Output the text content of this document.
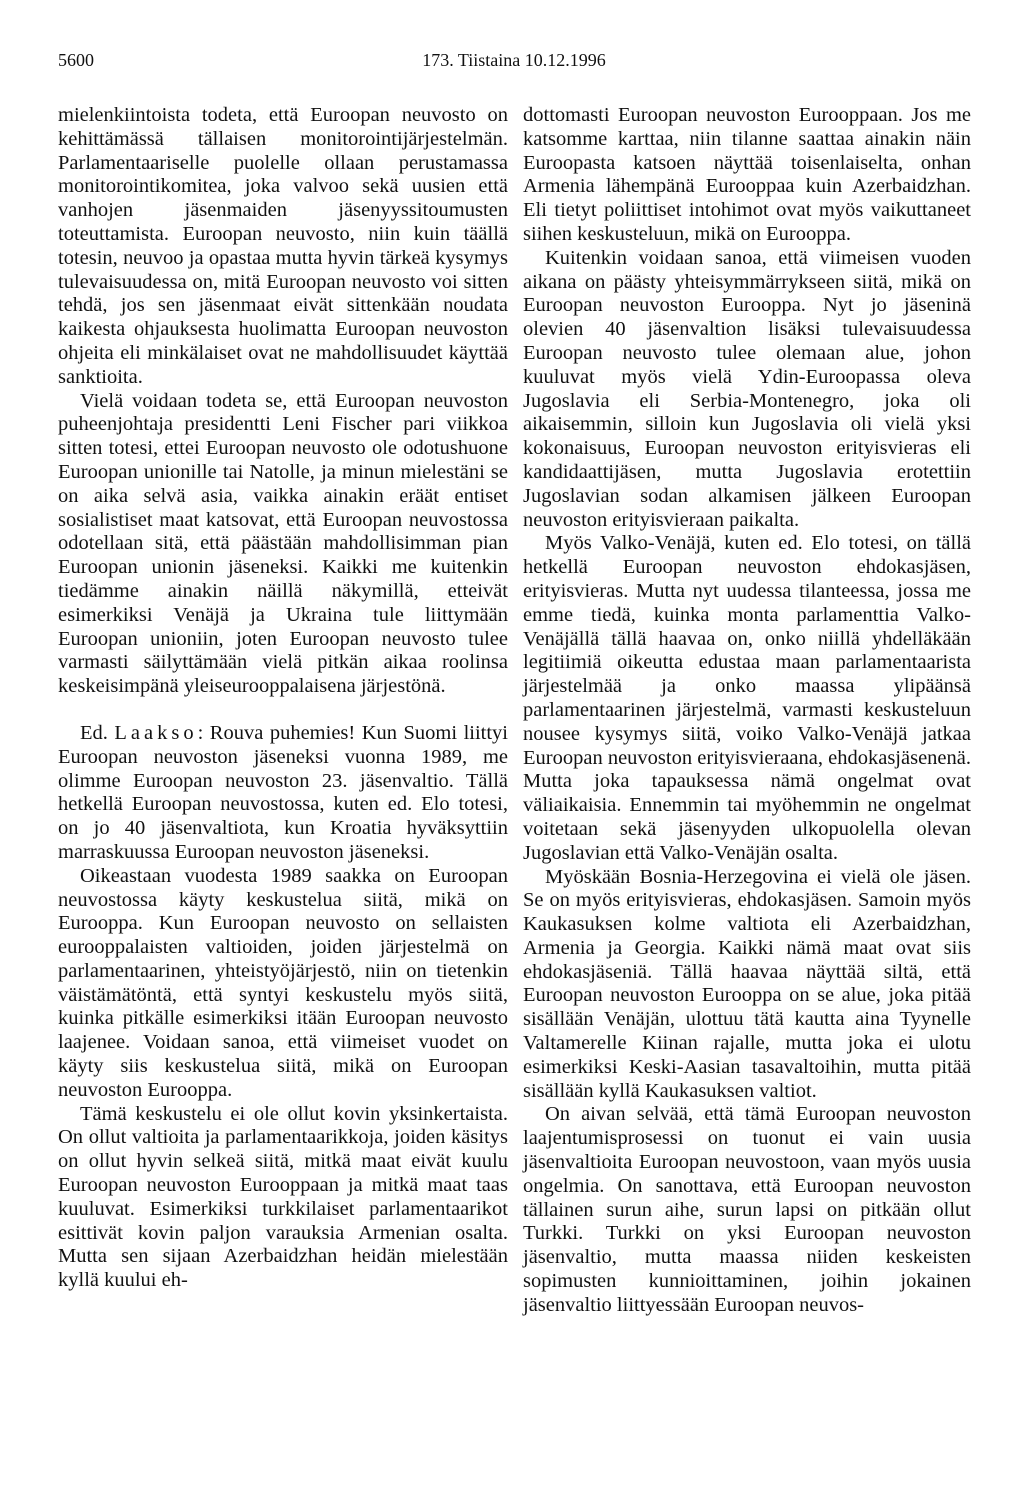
5600	173. Tiistaina 10.12.1996

mielenkiintoista todeta, että Euroopan neuvosto on kehittämässä tällaisen monitorointijärjestelmän. Parlamentaariselle puolelle ollaan perustamassa monitorointikomitea, joka valvoo sekä uusien että vanhojen jäsenmaiden jäsenyyssitoumusten toteuttamista. Euroopan neuvosto, niin kuin täällä totesin, neuvoo ja opastaa mutta hyvin tärkeä kysymys tulevaisuudessa on, mitä Euroopan neuvosto voi sitten tehdä, jos sen jäsenmaat eivät sittenkään noudata kaikesta ohjauksesta huolimatta Euroopan neuvoston ohjeita eli minkälaiset ovat ne mahdollisuudet käyttää sanktioita.

Vielä voidaan todeta se, että Euroopan neuvoston puheenjohtaja presidentti Leni Fischer pari viikkoa sitten totesi, ettei Euroopan neuvosto ole odotushuone Euroopan unionille tai Natolle, ja minun mielestäni se on aika selvä asia, vaikka ainakin eräät entiset sosialistiset maat katsovat, että Euroopan neuvostossa odotellaan sitä, että päästään mahdollisimman pian Euroopan unionin jäseneksi. Kaikki me kuitenkin tiedämme ainakin näillä näkymillä, etteivät esimerkiksi Venäjä ja Ukraina tule liittymään Euroopan unioniin, joten Euroopan neuvosto tulee varmasti säilyttämään vielä pitkän aikaa roolinsa keskeisimpänä yleiseurooppalaisena järjestönä.

Ed. Laakso: Rouva puhemies! Kun Suomi liittyi Euroopan neuvoston jäseneksi vuonna 1989, me olimme Euroopan neuvoston 23. jäsenvaltio. Tällä hetkellä Euroopan neuvostossa, kuten ed. Elo totesi, on jo 40 jäsenvaltiota, kun Kroatia hyväksyttiin marraskuussa Euroopan neuvoston jäseneksi.

Oikeastaan vuodesta 1989 saakka on Euroopan neuvostossa käyty keskustelua siitä, mikä on Eurooppa. Kun Euroopan neuvosto on sellaisten eurooppalaisten valtioiden, joiden järjestelmä on parlamentaarinen, yhteistyöjärjestö, niin on tietenkin väistämätöntä, että syntyi keskustelu myös siitä, kuinka pitkälle esimerkiksi itään Euroopan neuvosto laajenee. Voidaan sanoa, että viimeiset vuodet on käyty siis keskustelua siitä, mikä on Euroopan neuvoston Eurooppa.

Tämä keskustelu ei ole ollut kovin yksinkertaista. On ollut valtioita ja parlamentaarikkoja, joiden käsitys on ollut hyvin selkeä siitä, mitkä maat eivät kuulu Euroopan neuvoston Eurooppaan ja mitkä maat taas kuuluvat. Esimerkiksi turkkilaiset parlamentaarikot esittivät kovin paljon varauksia Armenian osalta. Mutta sen sijaan Azerbaidzhan heidän mielestään kyllä kuului eh-

dottomasti Euroopan neuvoston Eurooppaan. Jos me katsomme karttaa, niin tilanne saattaa ainakin näin Euroopasta katsoen näyttää toisenlaiselta, onhan Armenia lähempänä Eurooppaa kuin Azerbaidzhan. Eli tietyt poliittiset intohimot ovat myös vaikuttaneet siihen keskusteluun, mikä on Eurooppa.

Kuitenkin voidaan sanoa, että viimeisen vuoden aikana on päästy yhteisymmärrykseen siitä, mikä on Euroopan neuvoston Eurooppa. Nyt jo jäseninä olevien 40 jäsenvaltion lisäksi tulevaisuudessa Euroopan neuvosto tulee olemaan alue, johon kuuluvat myös vielä Ydin-Euroopassa oleva Jugoslavia eli Serbia-Montenegro, joka oli aikaisemmin, silloin kun Jugoslavia oli vielä yksi kokonaisuus, Euroopan neuvoston erityisvieras eli kandidaattijäsen, mutta Jugoslavia erotettiin Jugoslavian sodan alkamisen jälkeen Euroopan neuvoston erityisvieraan paikalta.

Myös Valko-Venäjä, kuten ed. Elo totesi, on tällä hetkellä Euroopan neuvoston ehdokasjäsen, erityisvieras. Mutta nyt uudessa tilanteessa, jossa me emme tiedä, kuinka monta parlamenttia Valko-Venäjällä tällä haavaa on, onko niillä yhdelläkään legitiimiä oikeutta edustaa maan parlamentaarista järjestelmää ja onko maassa ylipäänsä parlamentaarinen järjestelmä, varmasti keskusteluun nousee kysymys siitä, voiko Valko-Venäjä jatkaa Euroopan neuvoston erityisvieraana, ehdokasjäsenenä. Mutta joka tapauksessa nämä ongelmat ovat väliaikaisia. Ennemmin tai myöhemmin ne ongelmat voitetaan sekä jäsenyyden ulkopuolella olevan Jugoslavian että Valko-Venäjän osalta.

Myöskään Bosnia-Herzegovina ei vielä ole jäsen. Se on myös erityisvieras, ehdokasjäsen. Samoin myös Kaukasuksen kolme valtiota eli Azerbaidzhan, Armenia ja Georgia. Kaikki nämä maat ovat siis ehdokasjäseniä. Tällä haavaa näyttää siltä, että Euroopan neuvoston Eurooppa on se alue, joka pitää sisällään Venäjän, ulottuu tätä kautta aina Tyynelle Valtamerelle Kiinan rajalle, mutta joka ei ulotu esimerkiksi Keski-Aasian tasavaltoihin, mutta pitää sisällään kyllä Kaukasuksen valtiot.

On aivan selvää, että tämä Euroopan neuvoston laajentumisprosessi on tuonut ei vain uusia jäsenvaltioita Euroopan neuvostoon, vaan myös uusia ongelmia. On sanottava, että Euroopan neuvoston tällainen surun aihe, surun lapsi on pitkään ollut Turkki. Turkki on yksi Euroopan neuvoston jäsenvaltio, mutta maassa niiden keskeisten sopimusten kunnioittaminen, joihin jokainen jäsenvaltio liittyessään Euroopan neuvos-
